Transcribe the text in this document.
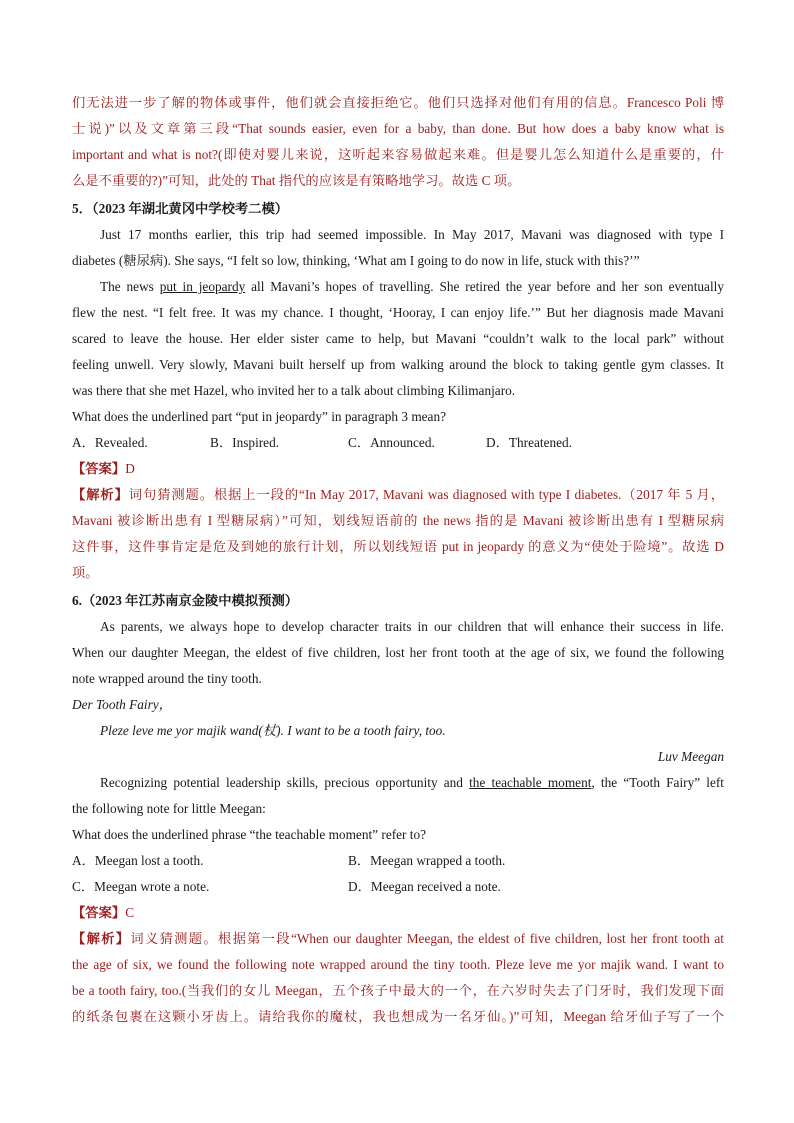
们无法进一步了解的物体或事件，他们就会直接拒绝它。他们只选择对他们有用的信息。Francesco Poli 博
士说)”以及文章第三段“That sounds easier, even for a baby, than done. But how does a baby know what is
important and what is not?(即使对婴儿来说，这听起来容易做起来难。但是婴儿怎么知道什么是重要的，什
么是不重要的?)”可知，此处的 That 指代的应该是有策略地学习。故选 C 项。
5．（2023 年湖北黄冈中学校考二模）
Just 17 months earlier, this trip had seemed impossible. In May 2017, Mavani was diagnosed with type I
diabetes (糖尿病). She says, “I felt so low, thinking, ‘What am I going to do now in life, stuck with this?’”
The news put in jeopardy all Mavani’s hopes of travelling. She retired the year before and her son eventually
flew the nest. “I felt free. It was my chance. I thought, ‘Hooray, I can enjoy life.’” But her diagnosis made Mavani
scared to leave the house. Her elder sister came to help, but Mavani “couldn’t walk to the local park” without
feeling unwell. Very slowly, Mavani built herself up from walking around the block to taking gentle gym classes. It
was there that she met Hazel, who invited her to a talk about climbing Kilimanjaro.
What does the underlined part “put in jeopardy” in paragraph 3 mean?
A．Revealed.	B．Inspired.	C．Announced.	D．Threatened.
【答案】D
【解析】词句猜测题。根据上一段的“In May 2017, Mavani was diagnosed with type I diabetes.（2017 年 5 月，
Mavani 被诊断出患有 I 型糖尿病）”可知，划线短语前的 the news 指的是 Mavani 被诊断出患有 I 型糖尿病
这件事，这件事肯定是危及到她的旅行计划，所以划线短语 put in jeopardy 的意义为“使处于险境”。故选 D
项。
6.（2023 年江苏南京金陵中模拟预测）
As parents, we always hope to develop character traits in our children that will enhance their success in life.
When our daughter Meegan, the eldest of five children, lost her front tooth at the age of six, we found the following
note wrapped around the tiny tooth.
Der Tooth Fairy，
Pleze leve me yor majik wand(杖). I want to be a tooth fairy, too.
Luv Meegan
Recognizing potential leadership skills, precious opportunity and the teachable moment, the “Tooth Fairy” left
the following note for little Meegan:
What does the underlined phrase “the teachable moment” refer to?
A．Meegan lost a tooth.	B．Meegan wrapped a tooth.
C．Meegan wrote a note.	D．Meegan received a note.
【答案】C
【解析】词义猜测题。根据第一段“When our daughter Meegan, the eldest of five children, lost her front tooth at
the age of six, we found the following note wrapped around the tiny tooth. Pleze leve me yor majik wand. I want to
be a tooth fairy, too.(当我们的女儿 Meegan，五个孩子中最大的一个，在六岁时失去了门牙时，我们发现下面
的纸条包裹在这颗小牙齿上。请给我你的魔杖，我也想成为一名牙仙。)”可知，Meegan 给牙仙子写了一个
